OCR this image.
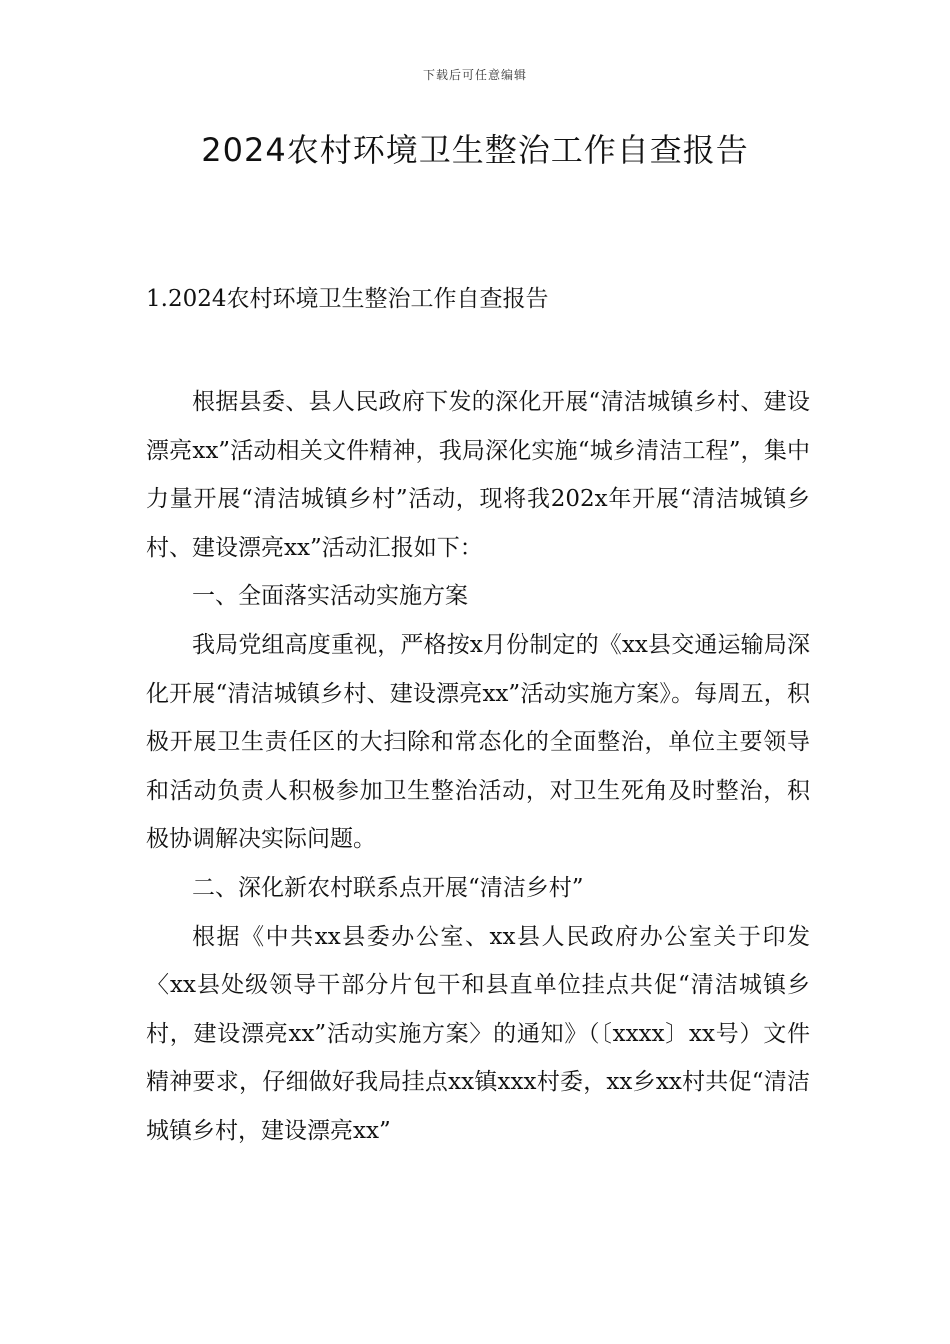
下载后可任意编辑
2024农村环境卫生整治工作自查报告
1.2024农村环境卫生整治工作自查报告

根据县委、县人民政府下发的深化开展“清洁城镇乡村、建设漂亮xx”活动相关文件精神，我局深化实施“城乡清洁工程”，集中力量开展“清洁城镇乡村”活动，现将我202x年开展“清洁城镇乡村、建设漂亮xx”活动汇报如下：

一、全面落实活动实施方案

我局党组高度重视，严格按x月份制定的《xx县交通运输局深化开展“清洁城镇乡村、建设漂亮xx”活动实施方案》。每周五，积极开展卫生责任区的大扫除和常态化的全面整治，单位主要领导和活动负责人积极参加卫生整治活动，对卫生死角及时整治，积极协调解决实际问题。

二、深化新农村联系点开展“清洁乡村”

根据《中共xx县委办公室、xx县人民政府办公室关于印发〈xx县处级领导干部分片包干和县直单位挂点共促“清洁城镇乡村，建设漂亮xx”活动实施方案〉的通知》（〔xxxx〕xx号）文件精神要求，仔细做好我局挂点xx镇xxx村委，xx乡xx村共促“清洁城镇乡村，建设漂亮xx”
